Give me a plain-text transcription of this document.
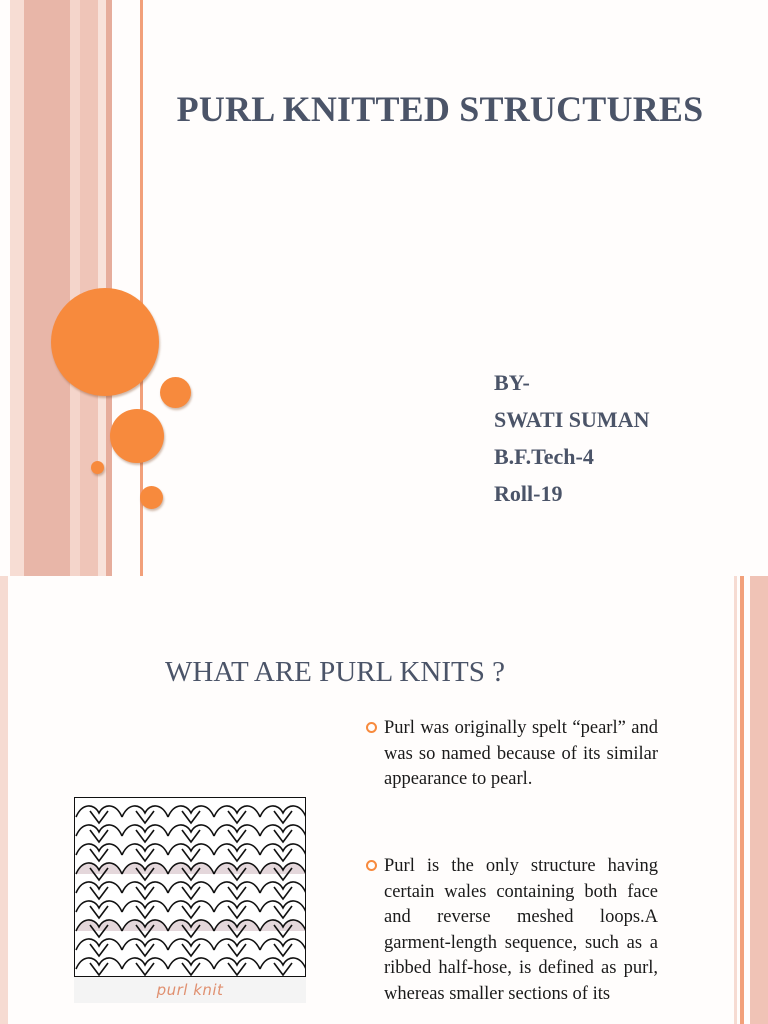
PURL KNITTED STRUCTURES
BY-
SWATI SUMAN
B.F.Tech-4
Roll-19
WHAT ARE PURL KNITS ?
Purl was originally spelt “pearl” and was so named because of its similar appearance to pearl.
Purl is the only structure having certain wales containing both face and reverse meshed loops.A garment-length sequence, such as a ribbed half-hose, is defined as purl, whereas smaller sections of its
purl knit
